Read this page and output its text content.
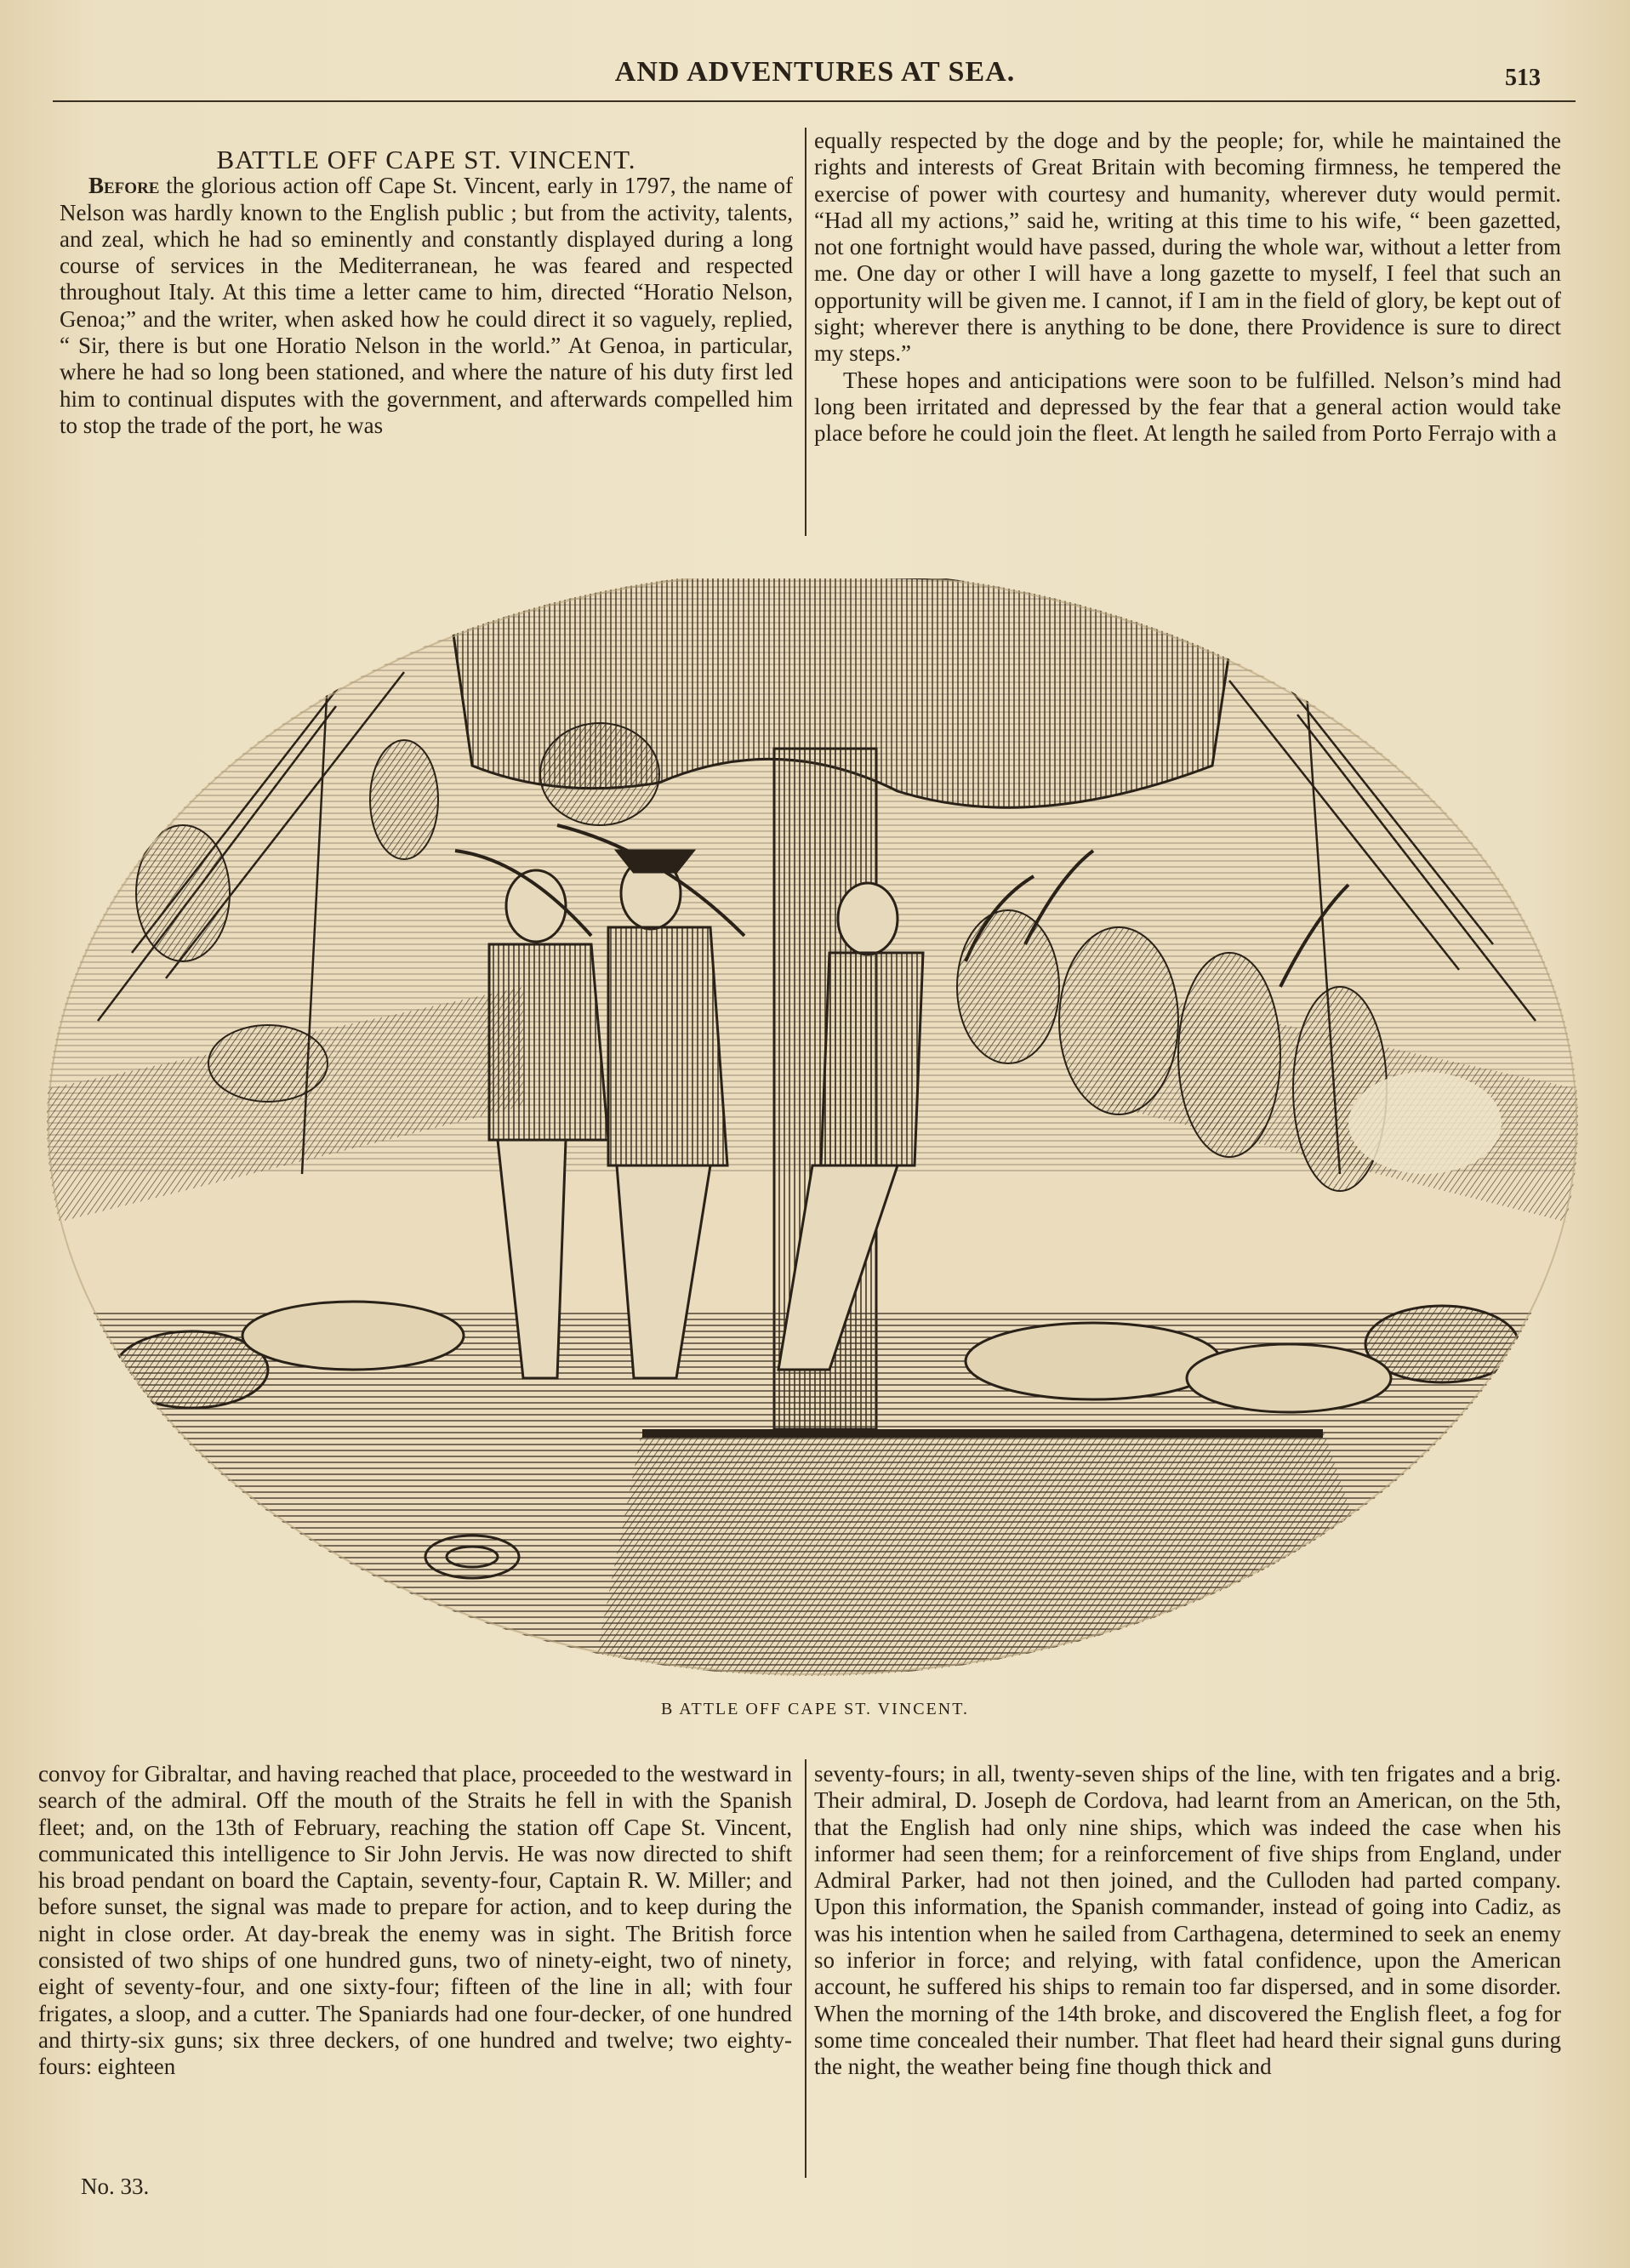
AND ADVENTURES AT SEA.	513

BATTLE OFF CAPE ST. VINCENT.

Before the glorious action off Cape St. Vincent, early in 1797, the name of Nelson was hardly known to the English public ; but from the activity, talents, and zeal, which he had so eminently and constantly displayed during a long course of services in the Mediterranean, he was feared and respected throughout Italy. At this time a letter came to him, directed “Horatio Nelson, Genoa;” and the writer, when asked how he could direct it so vaguely, replied, “ Sir, there is but one Horatio Nelson in the world.” At Genoa, in particular, where he had so long been stationed, and where the nature of his duty first led him to continual disputes with the government, and afterwards compelled him to stop the trade of the port, he was

equally respected by the doge and by the people; for, while he maintained the rights and interests of Great Britain with becoming firmness, he tempered the exercise of power with courtesy and humanity, wherever duty would permit. “Had all my actions,” said he, writing at this time to his wife, “ been gazetted, not one fortnight would have passed, during the whole war, without a letter from me. One day or other I will have a long gazette to myself, I feel that such an opportunity will be given me. I cannot, if I am in the field of glory, be kept out of sight; wherever there is anything to be done, there Providence is sure to direct my steps.”

These hopes and anticipations were soon to be fulfilled. Nelson’s mind had long been irritated and depressed by the fear that a general action would take place before he could join the fleet. At length he sailed from Porto Ferrajo with a

B ATTLE OFF CAPE ST. VINCENT.

convoy for Gibraltar, and having reached that place, proceeded to the westward in search of the admiral. Off the mouth of the Straits he fell in with the Spanish fleet; and, on the 13th of February, reaching the station off Cape St. Vincent, communicated this intelligence to Sir John Jervis. He was now directed to shift his broad pendant on board the Captain, seventy-four, Captain R. W. Miller; and before sunset, the signal was made to prepare for action, and to keep during the night in close order. At day-break the enemy was in sight. The British force consisted of two ships of one hundred guns, two of ninety-eight, two of ninety, eight of seventy-four, and one sixty-four; fifteen of the line in all; with four frigates, a sloop, and a cutter. The Spaniards had one four-decker, of one hundred and thirty-six guns; six three deckers, of one hundred and twelve; two eighty-fours: eighteen

seventy-fours; in all, twenty-seven ships of the line, with ten frigates and a brig. Their admiral, D. Joseph de Cordova, had learnt from an American, on the 5th, that the English had only nine ships, which was indeed the case when his informer had seen them; for a reinforcement of five ships from England, under Admiral Parker, had not then joined, and the Culloden had parted company. Upon this information, the Spanish commander, instead of going into Cadiz, as was his intention when he sailed from Carthagena, determined to seek an enemy so inferior in force; and relying, with fatal confidence, upon the American account, he suffered his ships to remain too far dispersed, and in some disorder. When the morning of the 14th broke, and discovered the English fleet, a fog for some time concealed their number. That fleet had heard their signal guns during the night, the weather being fine though thick and

No. 33.
